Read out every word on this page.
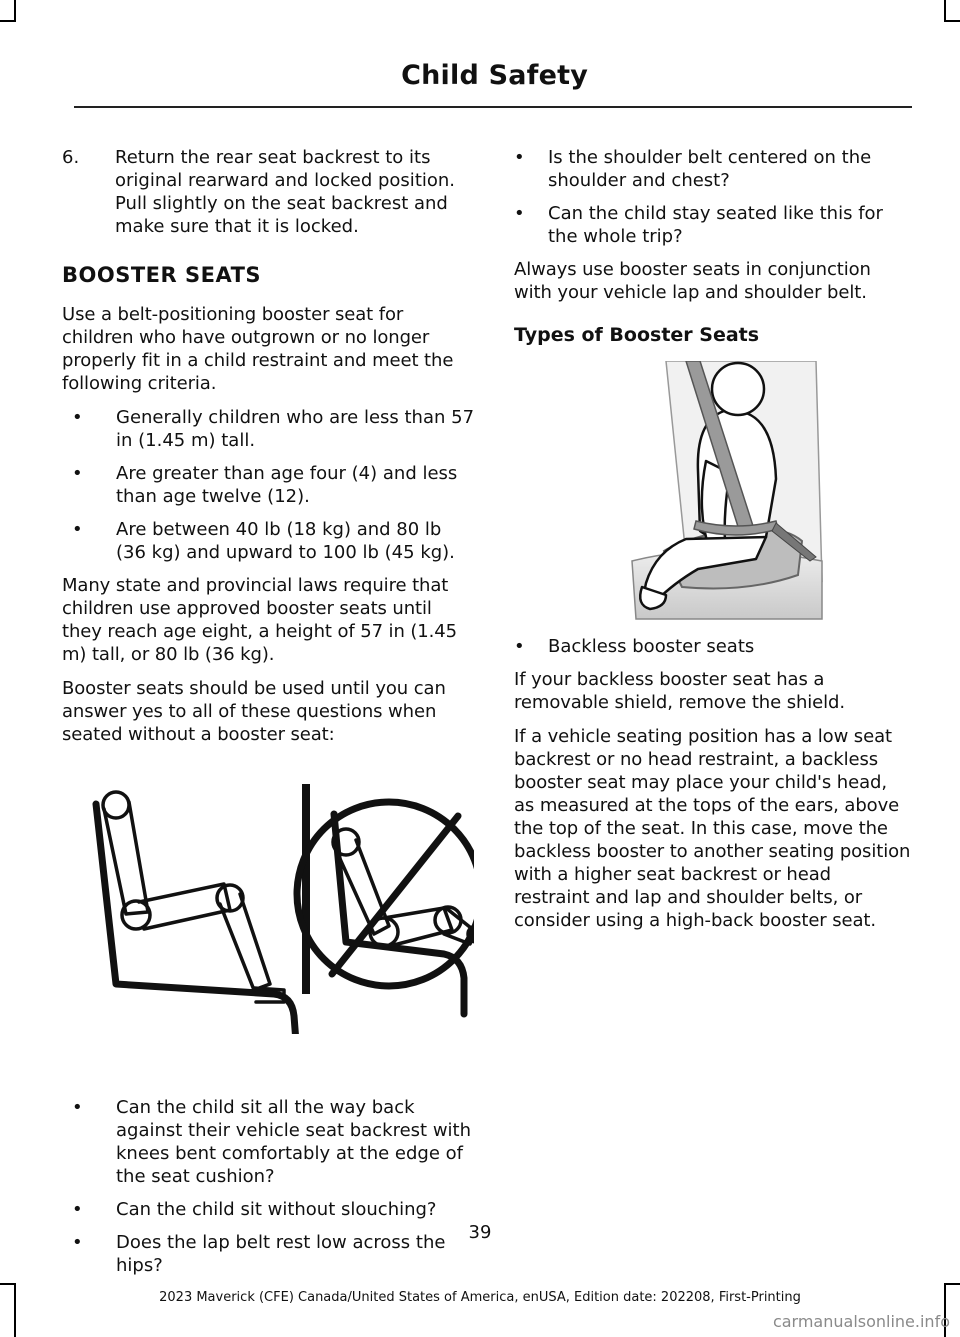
Child Safety
6. Return the rear seat backrest to its original rearward and locked position. Pull slightly on the seat backrest and make sure that it is locked.
BOOSTER SEATS

Use a belt-positioning booster seat for children who have outgrown or no longer properly fit in a child restraint and meet the following criteria.

• Generally children who are less than 57 in (1.45 m) tall.
• Are greater than age four (4) and less than age twelve (12).
• Are between 40 lb (18 kg) and 80 lb (36 kg) and upward to 100 lb (45 kg).

Many state and provincial laws require that children use approved booster seats until they reach age eight, a height of 57 in (1.45 m) tall, or 80 lb (36 kg).

Booster seats should be used until you can answer yes to all of these questions when seated without a booster seat:

• Can the child sit all the way back against their vehicle seat backrest with knees bent comfortably at the edge of the seat cushion?
• Can the child sit without slouching?
• Does the lap belt rest low across the hips?
• Is the shoulder belt centered on the shoulder and chest?
• Can the child stay seated like this for the whole trip?

Always use booster seats in conjunction with your vehicle lap and shoulder belt.

Types of Booster Seats
• Backless booster seats

If your backless booster seat has a removable shield, remove the shield.

If a vehicle seating position has a low seat backrest or no head restraint, a backless booster seat may place your child's head, as measured at the tops of the ears, above the top of the seat. In this case, move the backless booster to another seating position with a higher seat backrest or head restraint and lap and shoulder belts, or consider using a high-back booster seat.

39
2023 Maverick (CFE) Canada/United States of America, enUSA, Edition date: 202208, First-Printing
carmanualsonline.info
